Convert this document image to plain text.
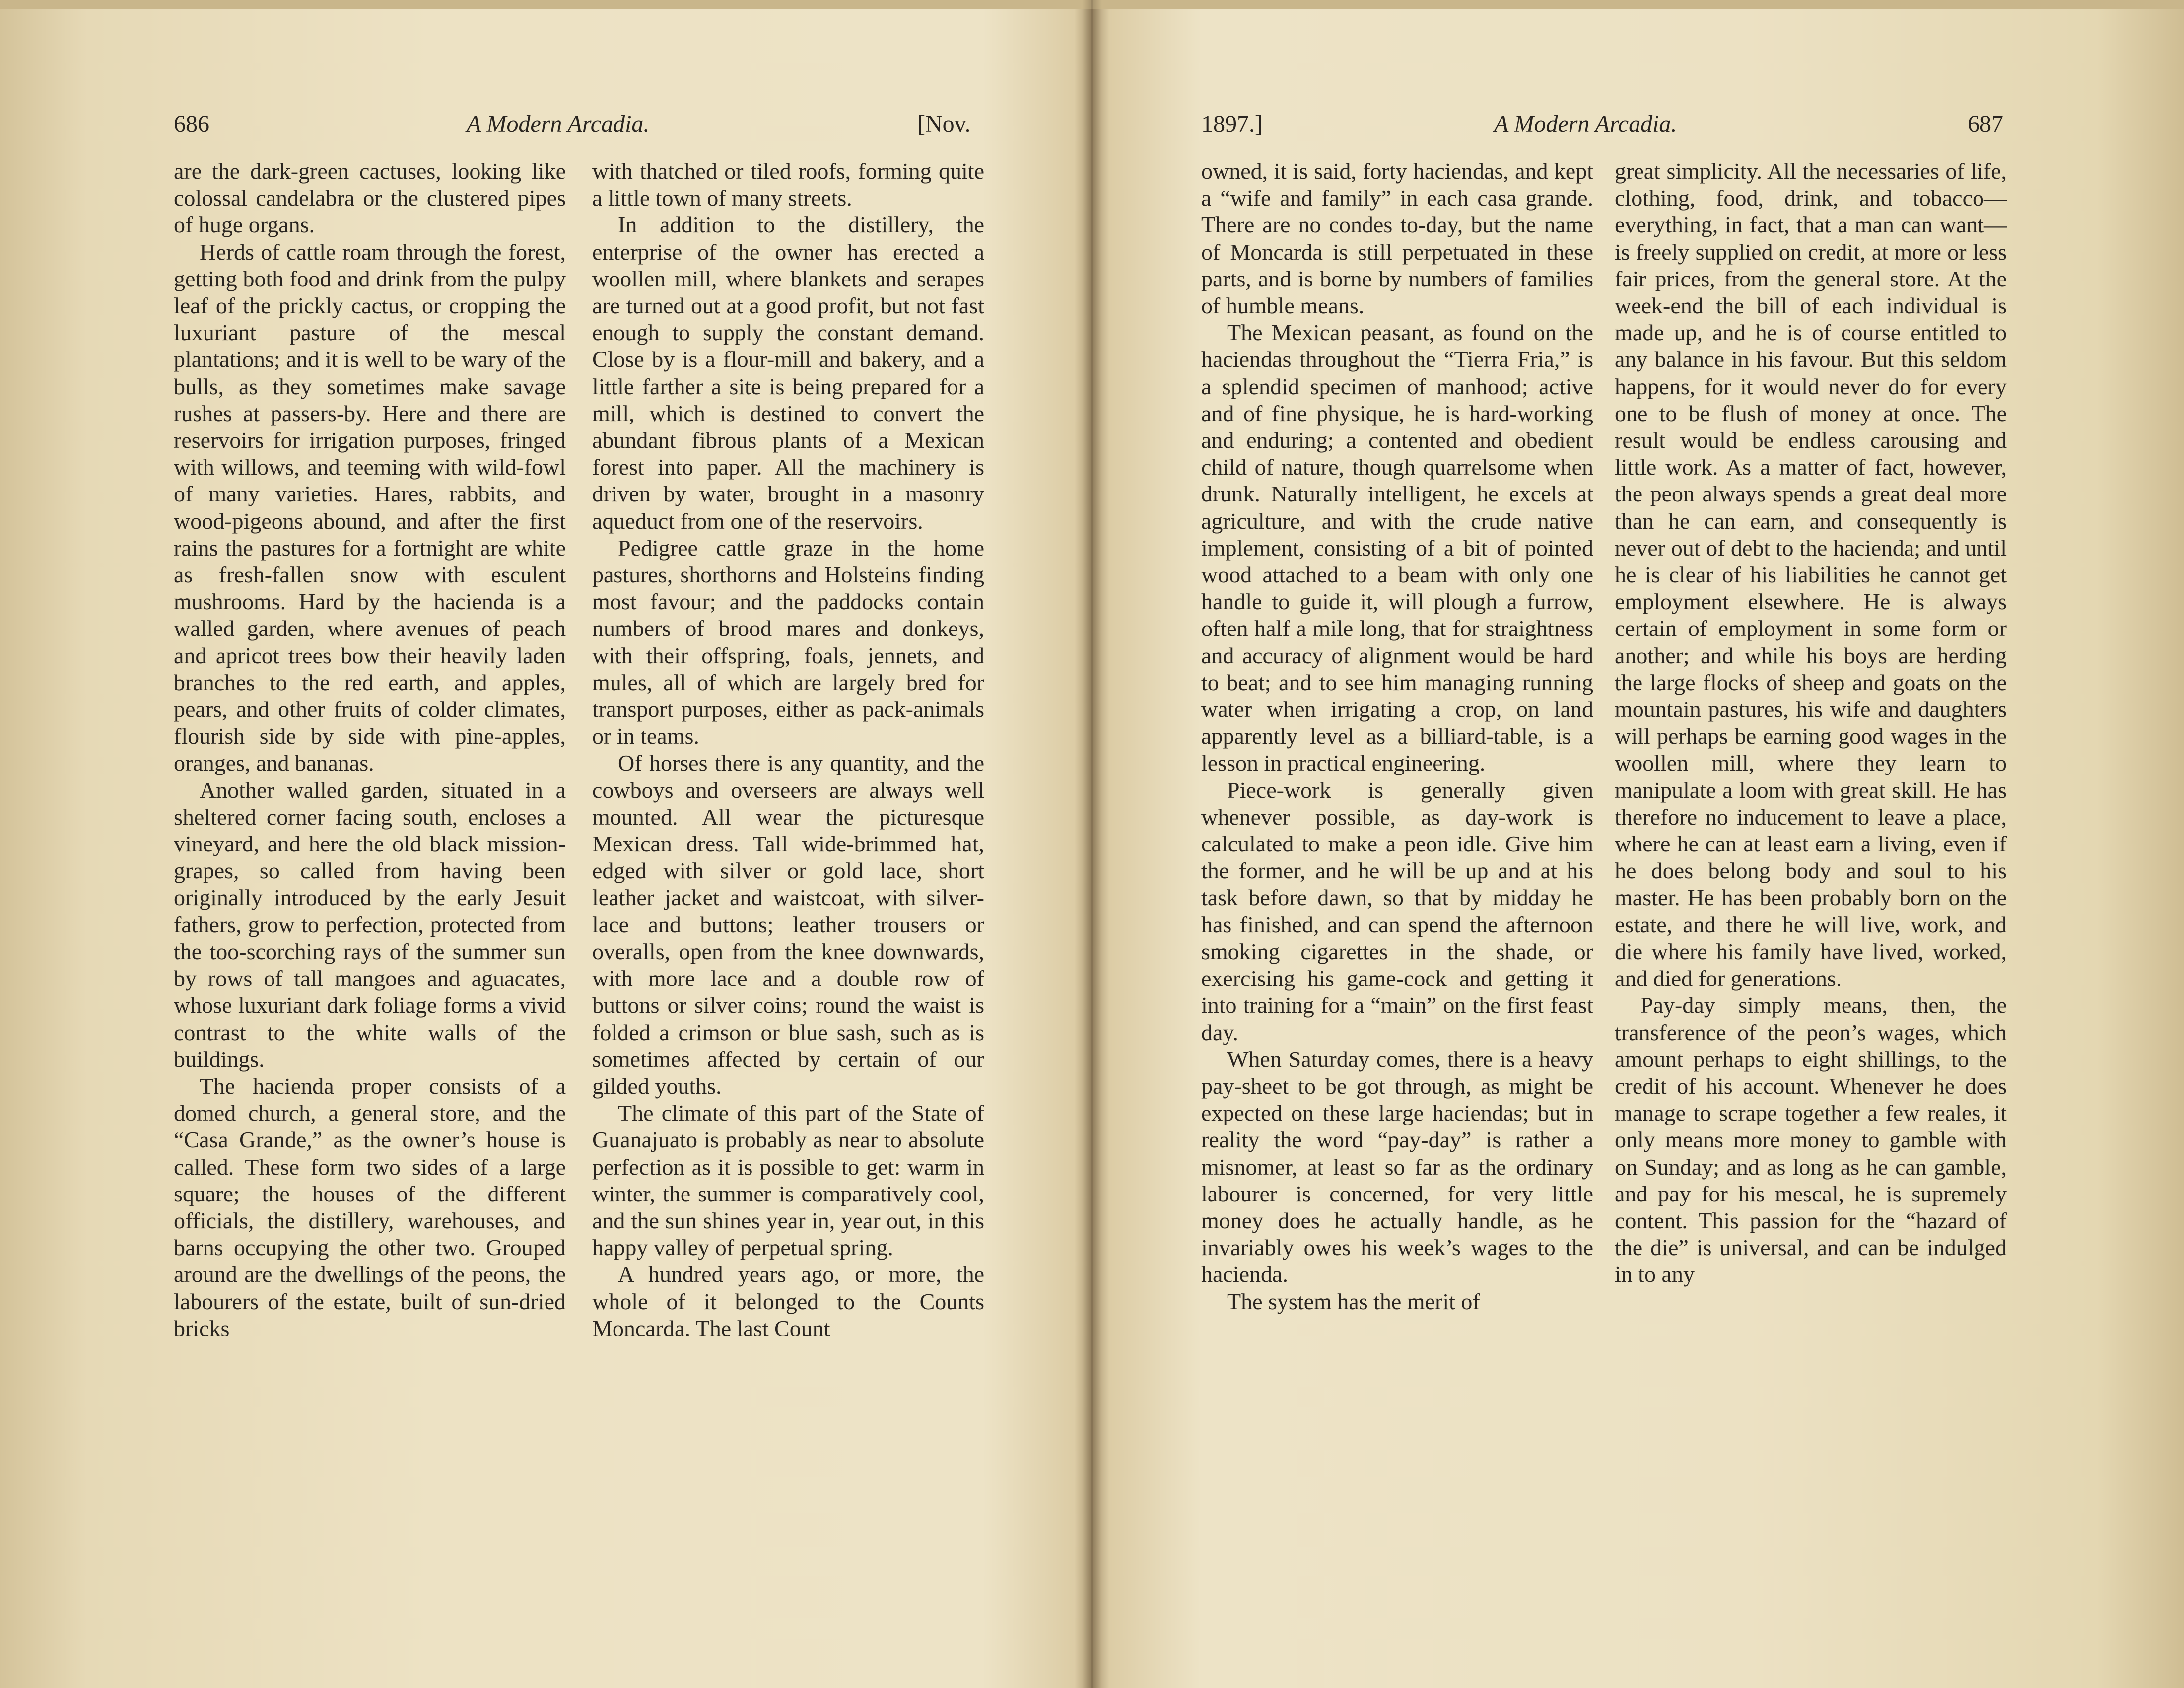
686	A Modern Arcadia.	[Nov.

are the dark-green cactuses, looking like colossal candelabra or the clustered pipes of huge organs.

Herds of cattle roam through the forest, getting both food and drink from the pulpy leaf of the prickly cactus, or cropping the luxuriant pasture of the mescal plantations; and it is well to be wary of the bulls, as they sometimes make savage rushes at passers-by. Here and there are reservoirs for irrigation purposes, fringed with willows, and teeming with wild-fowl of many varieties. Hares, rabbits, and wood-pigeons abound, and after the first rains the pastures for a fortnight are white as fresh-fallen snow with esculent mushrooms. Hard by the hacienda is a walled garden, where avenues of peach and apricot trees bow their heavily laden branches to the red earth, and apples, pears, and other fruits of colder climates, flourish side by side with pine-apples, oranges, and bananas.

Another walled garden, situated in a sheltered corner facing south, encloses a vineyard, and here the old black mission-grapes, so called from having been originally introduced by the early Jesuit fathers, grow to perfection, protected from the too-scorching rays of the summer sun by rows of tall mangoes and aguacates, whose luxuriant dark foliage forms a vivid contrast to the white walls of the buildings.

The hacienda proper consists of a domed church, a general store, and the “Casa Grande,” as the owner’s house is called. These form two sides of a large square; the houses of the different officials, the distillery, warehouses, and barns occupying the other two. Grouped around are the dwellings of the peons, the labourers of the estate, built of sun-dried bricks

with thatched or tiled roofs, forming quite a little town of many streets.

In addition to the distillery, the enterprise of the owner has erected a woollen mill, where blankets and serapes are turned out at a good profit, but not fast enough to supply the constant demand. Close by is a flour-mill and bakery, and a little farther a site is being prepared for a mill, which is destined to convert the abundant fibrous plants of a Mexican forest into paper. All the machinery is driven by water, brought in a masonry aqueduct from one of the reservoirs.

Pedigree cattle graze in the home pastures, shorthorns and Holsteins finding most favour; and the paddocks contain numbers of brood mares and donkeys, with their offspring, foals, jennets, and mules, all of which are largely bred for transport purposes, either as pack-animals or in teams.

Of horses there is any quantity, and the cowboys and overseers are always well mounted. All wear the picturesque Mexican dress. Tall wide-brimmed hat, edged with silver or gold lace, short leather jacket and waistcoat, with silver-lace and buttons; leather trousers or overalls, open from the knee downwards, with more lace and a double row of buttons or silver coins; round the waist is folded a crimson or blue sash, such as is sometimes affected by certain of our gilded youths.

The climate of this part of the State of Guanajuato is probably as near to absolute perfection as it is possible to get: warm in winter, the summer is comparatively cool, and the sun shines year in, year out, in this happy valley of perpetual spring.

A hundred years ago, or more, the whole of it belonged to the Counts Moncarda. The last Count

1897.]	A Modern Arcadia.	687

owned, it is said, forty haciendas, and kept a “wife and family” in each casa grande. There are no condes to-day, but the name of Moncarda is still perpetuated in these parts, and is borne by numbers of families of humble means.

The Mexican peasant, as found on the haciendas throughout the “Tierra Fria,” is a splendid specimen of manhood; active and of fine physique, he is hard-working and enduring; a contented and obedient child of nature, though quarrelsome when drunk. Naturally intelligent, he excels at agriculture, and with the crude native implement, consisting of a bit of pointed wood attached to a beam with only one handle to guide it, will plough a furrow, often half a mile long, that for straightness and accuracy of alignment would be hard to beat; and to see him managing running water when irrigating a crop, on land apparently level as a billiard-table, is a lesson in practical engineering.

Piece-work is generally given whenever possible, as day-work is calculated to make a peon idle. Give him the former, and he will be up and at his task before dawn, so that by midday he has finished, and can spend the afternoon smoking cigarettes in the shade, or exercising his game-cock and getting it into training for a “main” on the first feast day.

When Saturday comes, there is a heavy pay-sheet to be got through, as might be expected on these large haciendas; but in reality the word “pay-day” is rather a misnomer, at least so far as the ordinary labourer is concerned, for very little money does he actually handle, as he invariably owes his week’s wages to the hacienda.

The system has the merit of

great simplicity. All the necessaries of life, clothing, food, drink, and tobacco—everything, in fact, that a man can want—is freely supplied on credit, at more or less fair prices, from the general store. At the week-end the bill of each individual is made up, and he is of course entitled to any balance in his favour. But this seldom happens, for it would never do for every one to be flush of money at once. The result would be endless carousing and little work. As a matter of fact, however, the peon always spends a great deal more than he can earn, and consequently is never out of debt to the hacienda; and until he is clear of his liabilities he cannot get employment elsewhere. He is always certain of employment in some form or another; and while his boys are herding the large flocks of sheep and goats on the mountain pastures, his wife and daughters will perhaps be earning good wages in the woollen mill, where they learn to manipulate a loom with great skill. He has therefore no inducement to leave a place, where he can at least earn a living, even if he does belong body and soul to his master. He has been probably born on the estate, and there he will live, work, and die where his family have lived, worked, and died for generations.

Pay-day simply means, then, the transference of the peon’s wages, which amount perhaps to eight shillings, to the credit of his account. Whenever he does manage to scrape together a few reales, it only means more money to gamble with on Sunday; and as long as he can gamble, and pay for his mescal, he is supremely content. This passion for the “hazard of the die” is universal, and can be indulged in to any
